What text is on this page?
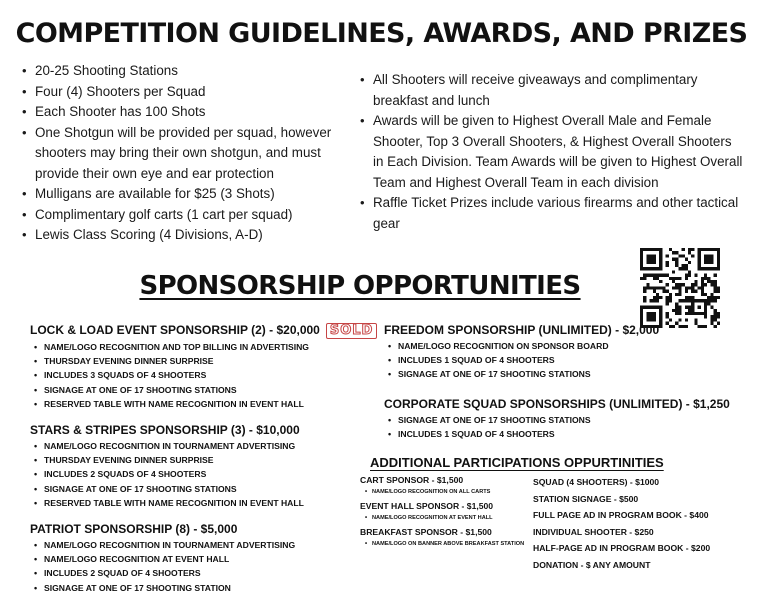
COMPETITION GUIDELINES, AWARDS, AND PRIZES
• 20-25 Shooting Stations
• Four (4) Shooters per Squad
• Each Shooter has 100 Shots
• One Shotgun will be provided per squad, however shooters may bring their own shotgun, and must provide their own eye and ear protection
• Mulligans are available for $25 (3 Shots)
• Complimentary golf carts (1 cart per squad)
• Lewis Class Scoring (4 Divisions, A-D)
• All Shooters will receive giveaways and complimentary breakfast and lunch
• Awards will be given to Highest Overall Male and Female Shooter, Top 3 Overall Shooters, & Highest Overall Shooters in Each Division. Team Awards will be given to Highest Overall Team and Highest Overall Team in each division
• Raffle Ticket Prizes include various firearms and other tactical gear
SPONSORSHIP OPPORTUNITIES
LOCK & LOAD EVENT SPONSORSHIP (2) - $20,000 SOLD
• NAME/LOGO RECOGNITION AND TOP BILLING IN ADVERTISING
• THURSDAY EVENING DINNER SURPRISE
• INCLUDES 3 SQUADS OF 4 SHOOTERS
• SIGNAGE AT ONE OF 17 SHOOTING STATIONS
• RESERVED TABLE WITH NAME RECOGNITION IN EVENT HALL
STARS & STRIPES SPONSORSHIP (3) - $10,000
• NAME/LOGO RECOGNITION IN TOURNAMENT ADVERTISING
• THURSDAY EVENING DINNER SURPRISE
• INCLUDES 2 SQUADS OF 4 SHOOTERS
• SIGNAGE AT ONE OF 17 SHOOTING STATIONS
• RESERVED TABLE WITH NAME RECOGNITION IN EVENT HALL
PATRIOT SPONSORSHIP (8) - $5,000
• NAME/LOGO RECOGNITION IN TOURNAMENT ADVERTISING
• NAME/LOGO RECOGNITION AT EVENT HALL
• INCLUDES 2 SQUAD OF 4 SHOOTERS
• SIGNAGE AT ONE OF 17 SHOOTING STATION
FREEDOM SPONSORSHIP (UNLIMITED) - $2,000
• NAME/LOGO RECOGNITION ON SPONSOR BOARD
• INCLUDES 1 SQUAD OF 4 SHOOTERS
• SIGNAGE AT ONE OF 17 SHOOTING STATIONS
CORPORATE SQUAD SPONSORSHIPS (UNLIMITED) - $1,250
• SIGNAGE AT ONE OF 17 SHOOTING STATIONS
• INCLUDES 1 SQUAD OF 4 SHOOTERS
ADDITIONAL PARTICIPATIONS OPPURTINITIES
CART SPONSOR - $1,500
• NAME/LOGO RECOGNITION ON ALL CARTS
EVENT HALL SPONSOR - $1,500
• NAME/LOGO RECOGNITION AT EVENT HALL
BREAKFAST SPONSOR - $1,500
• NAME/LOGO ON BANNER ABOVE BREAKFAST STATION
SQUAD (4 SHOOTERS) - $1000
STATION SIGNAGE - $500
FULL PAGE AD IN PROGRAM BOOK - $400
INDIVIDUAL SHOOTER - $250
HALF-PAGE AD IN PROGRAM BOOK - $200
DONATION - $ ANY AMOUNT
